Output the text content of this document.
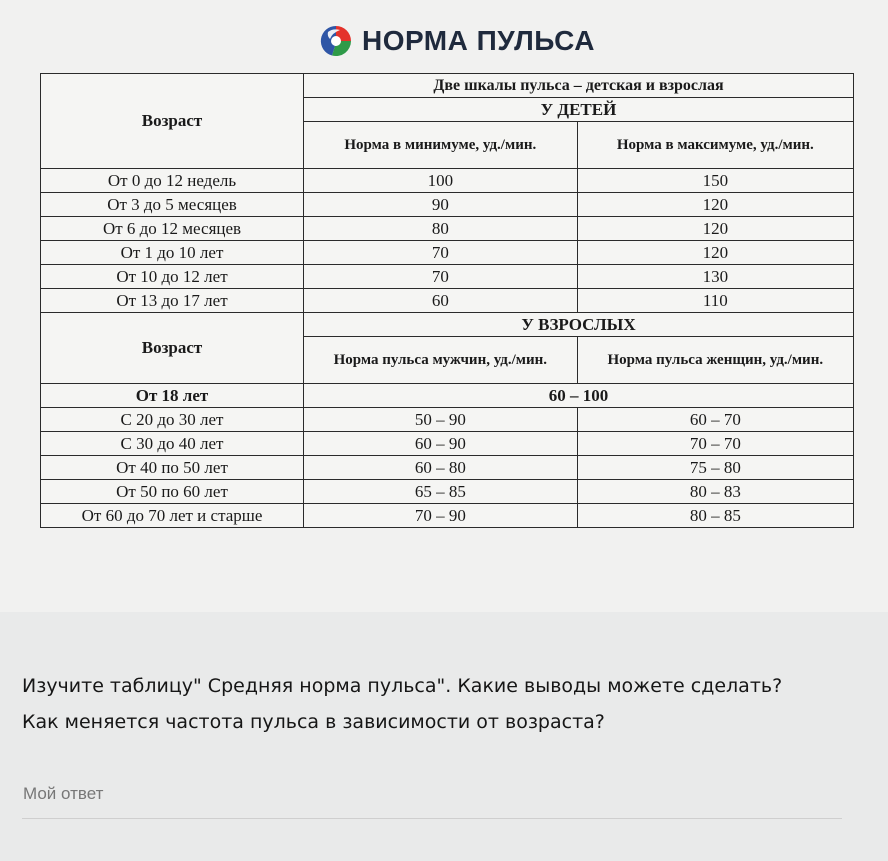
НОРМА ПУЛЬСА
Возраст	Две шкалы пульса – детская и взрослая	
	У ДЕТЕЙ	
	Норма в минимуме, уд./мин.	Норма в максимуме, уд./мин.
От 0 до 12 недель	100	150
От 3 до 5 месяцев	90	120
От 6 до 12 месяцев	80	120
От 1 до 10 лет	70	120
От 10 до 12 лет	70	130
От 13 до 17 лет	60	110
Возраст	У ВЗРОСЛЫХ	
	Норма пульса мужчин, уд./мин.	Норма пульса женщин, уд./мин.
От 18 лет	60 – 100	
С 20 до 30 лет	50 – 90	60 – 70
С 30 до 40 лет	60 – 90	70 – 70
От 40 по 50 лет	60 – 80	75 – 80
От 50 по 60 лет	65 – 85	80 – 83
От 60 до 70 лет и старше	70 – 90	80 – 85
Изучите таблицу" Средняя норма пульса". Какие выводы можете сделать?
Как меняется частота пульса в зависимости от возраста?
Мой ответ
